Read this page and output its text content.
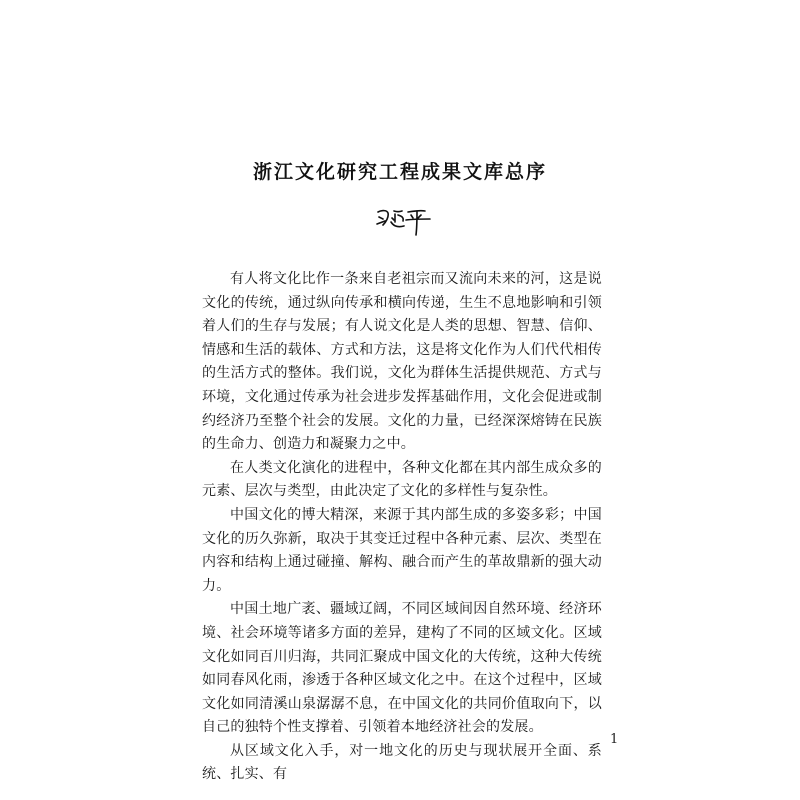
浙江文化研究工程成果文库总序

有人将文化比作一条来自老祖宗而又流向未来的河，这是说文化的传统，通过纵向传承和横向传递，生生不息地影响和引领着人们的生存与发展；有人说文化是人类的思想、智慧、信仰、情感和生活的载体、方式和方法，这是将文化作为人们代代相传的生活方式的整体。我们说，文化为群体生活提供规范、方式与环境，文化通过传承为社会进步发挥基础作用，文化会促进或制约经济乃至整个社会的发展。文化的力量，已经深深熔铸在民族的生命力、创造力和凝聚力之中。

在人类文化演化的进程中，各种文化都在其内部生成众多的元素、层次与类型，由此决定了文化的多样性与复杂性。

中国文化的博大精深，来源于其内部生成的多姿多彩；中国文化的历久弥新，取决于其变迁过程中各种元素、层次、类型在内容和结构上通过碰撞、解构、融合而产生的革故鼎新的强大动力。

中国土地广袤、疆域辽阔，不同区域间因自然环境、经济环境、社会环境等诸多方面的差异，建构了不同的区域文化。区域文化如同百川归海，共同汇聚成中国文化的大传统，这种大传统如同春风化雨，渗透于各种区域文化之中。在这个过程中，区域文化如同清溪山泉潺潺不息，在中国文化的共同价值取向下，以自己的独特个性支撑着、引领着本地经济社会的发展。

从区域文化入手，对一地文化的历史与现状展开全面、系统、扎实、有

1
